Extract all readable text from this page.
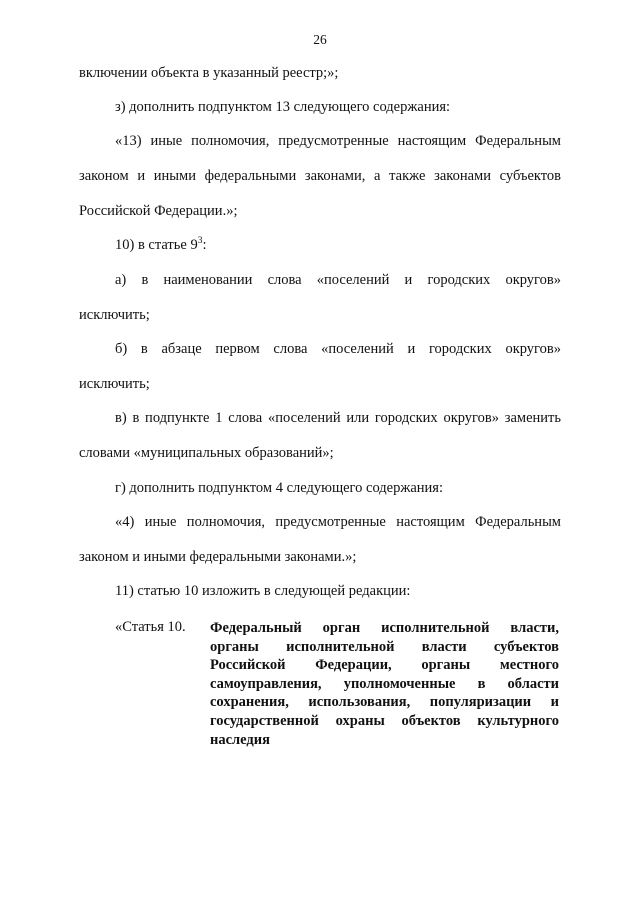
26
включении объекта в указанный реестр;»;
з) дополнить подпунктом 13 следующего содержания:
«13) иные полномочия, предусмотренные настоящим Федеральным
законом и иными федеральными законами, а также законами субъектов
Российской Федерации.»;
10) в статье $9^3$:
а) в наименовании слова «поселений и городских округов»
исключить;
б) в абзаце первом слова «поселений и городских округов»
исключить;
в) в подпункте 1 слова «поселений или городских округов» заменить
словами «муниципальных образований»;
г) дополнить подпунктом 4 следующего содержания:
«4) иные полномочия, предусмотренные настоящим Федеральным
законом и иными федеральными законами.»;
11) статью 10 изложить в следующей редакции:
«Статья 10. Федеральный орган исполнительной власти, органы исполнительной власти субъектов Российской Федерации, органы местного самоуправления, уполномоченные в области сохранения, использования, популяризации и государственной охраны объектов культурного наследия
